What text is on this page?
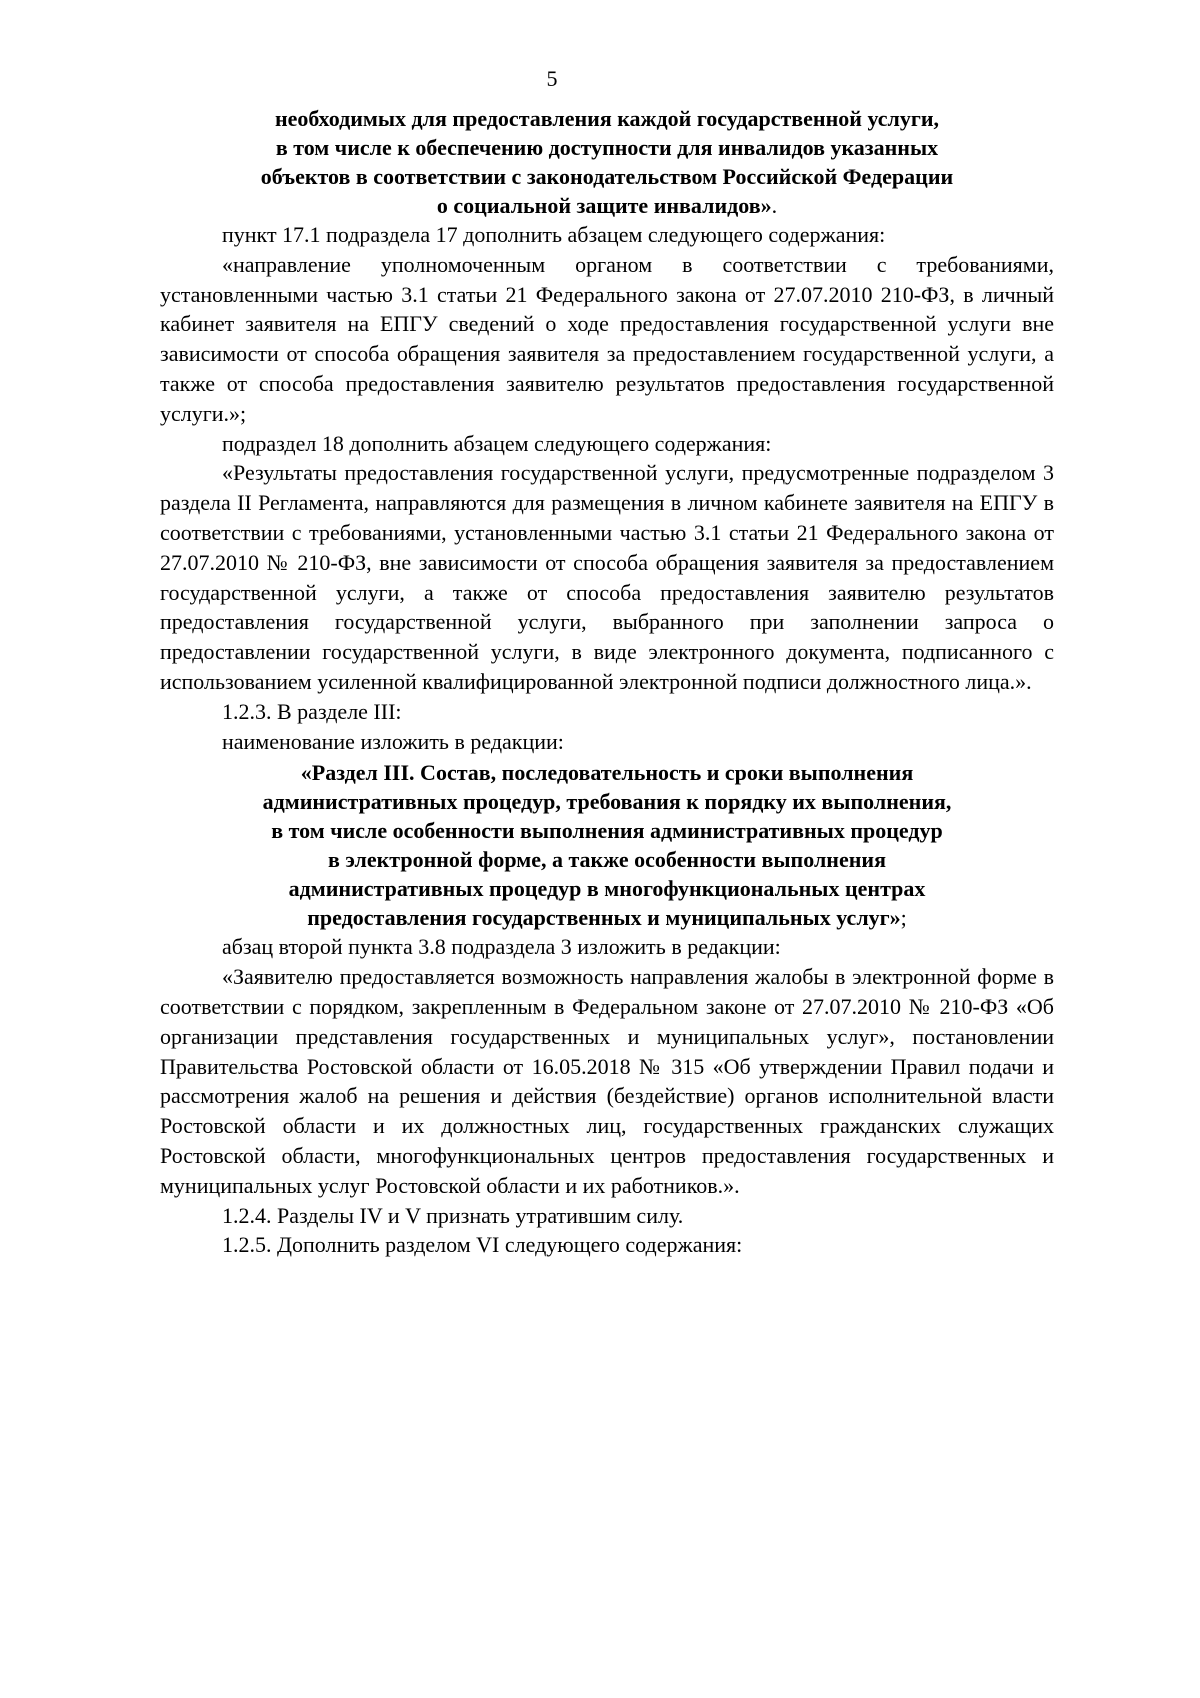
5

необходимых для предоставления каждой государственной услуги,
в том числе к обеспечению доступности для инвалидов указанных
объектов в соответствии с законодательством Российской Федерации
о социальной защите инвалидов».

пункт 17.1 подраздела 17 дополнить абзацем следующего содержания:

«направление уполномоченным органом в соответствии с требованиями, установленными частью 3.1 статьи 21 Федерального закона от 27.07.2010 210-ФЗ, в личный кабинет заявителя на ЕПГУ сведений о ходе предоставления государственной услуги вне зависимости от способа обращения заявителя за предоставлением государственной услуги, а также от способа предоставления заявителю результатов предоставления государственной услуги.»;

подраздел 18 дополнить абзацем следующего содержания:

«Результаты предоставления государственной услуги, предусмотренные подразделом 3 раздела II Регламента, направляются для размещения в личном кабинете заявителя на ЕПГУ в соответствии с требованиями, установленными частью 3.1 статьи 21 Федерального закона от 27.07.2010 № 210-ФЗ, вне зависимости от способа обращения заявителя за предоставлением государственной услуги, а также от способа предоставления заявителю результатов предоставления государственной услуги, выбранного при заполнении запроса о предоставлении государственной услуги, в виде электронного документа, подписанного с использованием усиленной квалифицированной электронной подписи должностного лица.».

1.2.3. В разделе III:

наименование изложить в редакции:

«Раздел III. Состав, последовательность и сроки выполнения
административных процедур, требования к порядку их выполнения,
в том числе особенности выполнения административных процедур
в электронной форме, а также особенности выполнения
административных процедур в многофункциональных центрах
предоставления государственных и муниципальных услуг»;

абзац второй пункта 3.8 подраздела 3 изложить в редакции:

«Заявителю предоставляется возможность направления жалобы в электронной форме в соответствии с порядком, закрепленным в Федеральном законе от 27.07.2010 № 210-ФЗ «Об организации представления государственных и муниципальных услуг», постановлении Правительства Ростовской области от 16.05.2018 № 315 «Об утверждении Правил подачи и рассмотрения жалоб на решения и действия (бездействие) органов исполнительной власти Ростовской области и их должностных лиц, государственных гражданских служащих Ростовской области, многофункциональных центров предоставления государственных и муниципальных услуг Ростовской области и их работников.».

1.2.4. Разделы IV и V признать утратившим силу.

1.2.5. Дополнить разделом VI следующего содержания:
